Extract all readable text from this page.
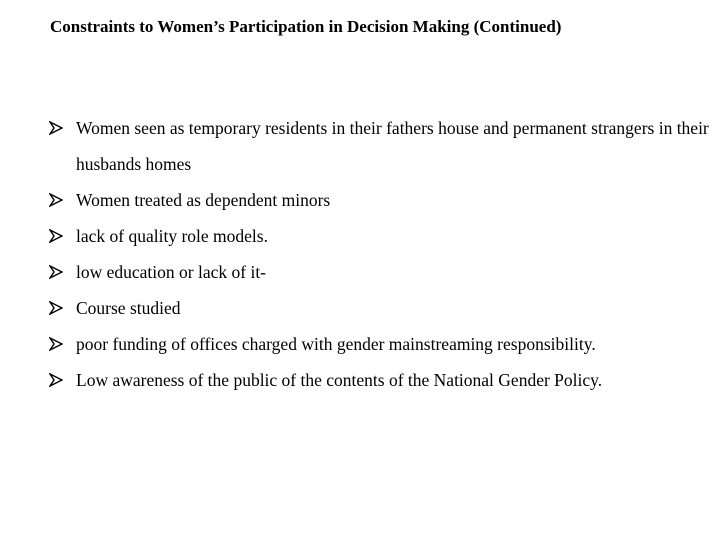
Constraints to Women’s Participation in Decision Making (Continued)
Women seen as temporary residents in their fathers house and permanent strangers in their husbands homes
Women treated as dependent minors
lack of quality role models.
low education or lack of it-
Course studied
poor funding of offices charged with gender mainstreaming responsibility.
Low awareness of the public of the contents of the National Gender Policy.
